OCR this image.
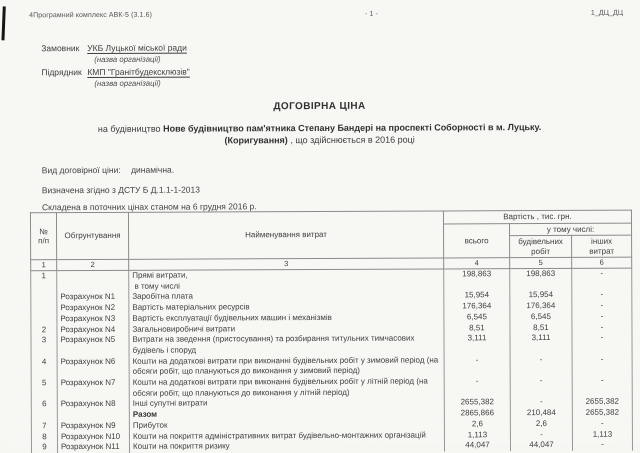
4Програмний комплекс АВК-5 (3.1.6)	- 1 -	1_ДЦ_ДЦ
Замовник УКБ Луцької міської ради
(назва організації)
Підрядник КМП "Гранітбудексклюзів"
(назва організації)
ДОГОВІРНА ЦІНА
на будівництво Нове будівництво пам'ятника Степану Бандері на проспекті Соборності в м. Луцьку. (Коригування) , що здійснюється в 2016 році
Вид договірної ціни: динамічна.
Визначена згідно з ДСТУ Б Д.1.1-1-2013
Складена в поточних цінах станом на 6 грудня 2016 р.
№
п/п	Обгрунтування	Найменування витрат	Вартість , тис. грн.		
			всього	у тому числі:	
				будівельних
робіт	інших
витрат
1	2	3	4	5	6
1		Прямі витрати,
в тому числі	198,863	198,863	-
	Розрахунок N1	Заробітна плата	15,954	15,954	-
	Розрахунок N2	Вартість матеріальних ресурсів	176,364	176,364	-
	Розрахунок N3	Вартість експлуатації будівельних машин і механізмів	6,545	6,545	-
2	Розрахунок N4	Загальновиробничі витрати	8,51	8,51	-
3	Розрахунок N5	Витрати на зведення (пристосування) та розбирання титульних тимчасових будівель і споруд	3,111	3,111	-
4	Розрахунок N6	Кошти на додаткові витрати при виконанні будівельних робіт у зимовий період (на обсяги робіт, що плануються до виконання у зимовий період)	-	-	-
5	Розрахунок N7	Кошти на додаткові витрати при виконанні будівельних робіт у літній період (на обсяги робіт, що плануються до виконання у літній період)	-	-	-
6	Розрахунок N8	Інші супутні витрати	2655,382	-	2655,382
		Разом	2865,866	210,484	2655,382
7	Розрахунок N9	Прибуток	2,6	2,6	-
8	Розрахунок N10	Кошти на покриття адміністративних витрат будівельно-монтажних організацій	1,113	-	1,113
9	Розрахунок N11	Кошти на покриття ризику	44,047	44,047	-
